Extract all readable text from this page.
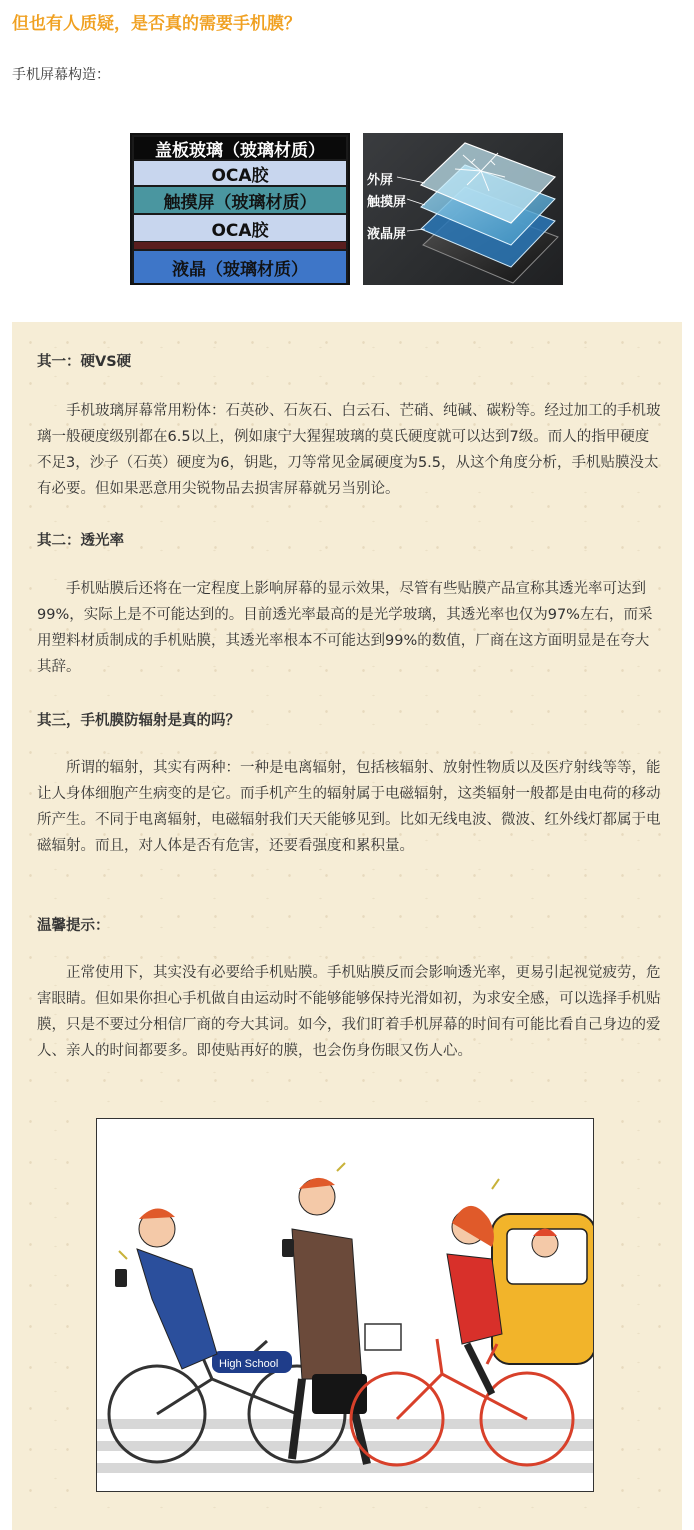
但也有人质疑，是否真的需要手机膜？
手机屏幕构造：
盖板玻璃（玻璃材质）
OCA胶
触摸屏（玻璃材质）
OCA胶
液晶（玻璃材质）
外屏
触摸屏
液晶屏
其一：硬VS硬

手机玻璃屏幕常用粉体：石英砂、石灰石、白云石、芒硝、纯碱、碳粉等。经过加工的手机玻璃一般硬度级别都在6.5以上，例如康宁大猩猩玻璃的莫氏硬度就可以达到7级。而人的指甲硬度不足3，沙子（石英）硬度为6，钥匙，刀等常见金属硬度为5.5，从这个角度分析，手机贴膜没太有必要。但如果恶意用尖锐物品去损害屏幕就另当别论。

其二：透光率

手机贴膜后还将在一定程度上影响屏幕的显示效果，尽管有些贴膜产品宣称其透光率可达到99%，实际上是不可能达到的。目前透光率最高的是光学玻璃，其透光率也仅为97%左右，而采用塑料材质制成的手机贴膜，其透光率根本不可能达到99%的数值，厂商在这方面明显是在夸大其辞。

其三，手机膜防辐射是真的吗？

所谓的辐射，其实有两种：一种是电离辐射，包括核辐射、放射性物质以及医疗射线等等，能让人身体细胞产生病变的是它。而手机产生的辐射属于电磁辐射，这类辐射一般都是由电荷的移动所产生。不同于电离辐射，电磁辐射我们天天能够见到。比如无线电波、微波、红外线灯都属于电磁辐射。而且，对人体是否有危害，还要看强度和累积量。

温馨提示：

正常使用下，其实没有必要给手机贴膜。手机贴膜反而会影响透光率，更易引起视觉疲劳，危害眼睛。但如果你担心手机做自由运动时不能够能够保持光滑如初，为求安全感，可以选择手机贴膜，只是不要过分相信厂商的夸大其词。如今，我们盯着手机屏幕的时间有可能比看自己身边的爱人、亲人的时间都要多。即使贴再好的膜，也会伤身伤眼又伤人心。

High School
